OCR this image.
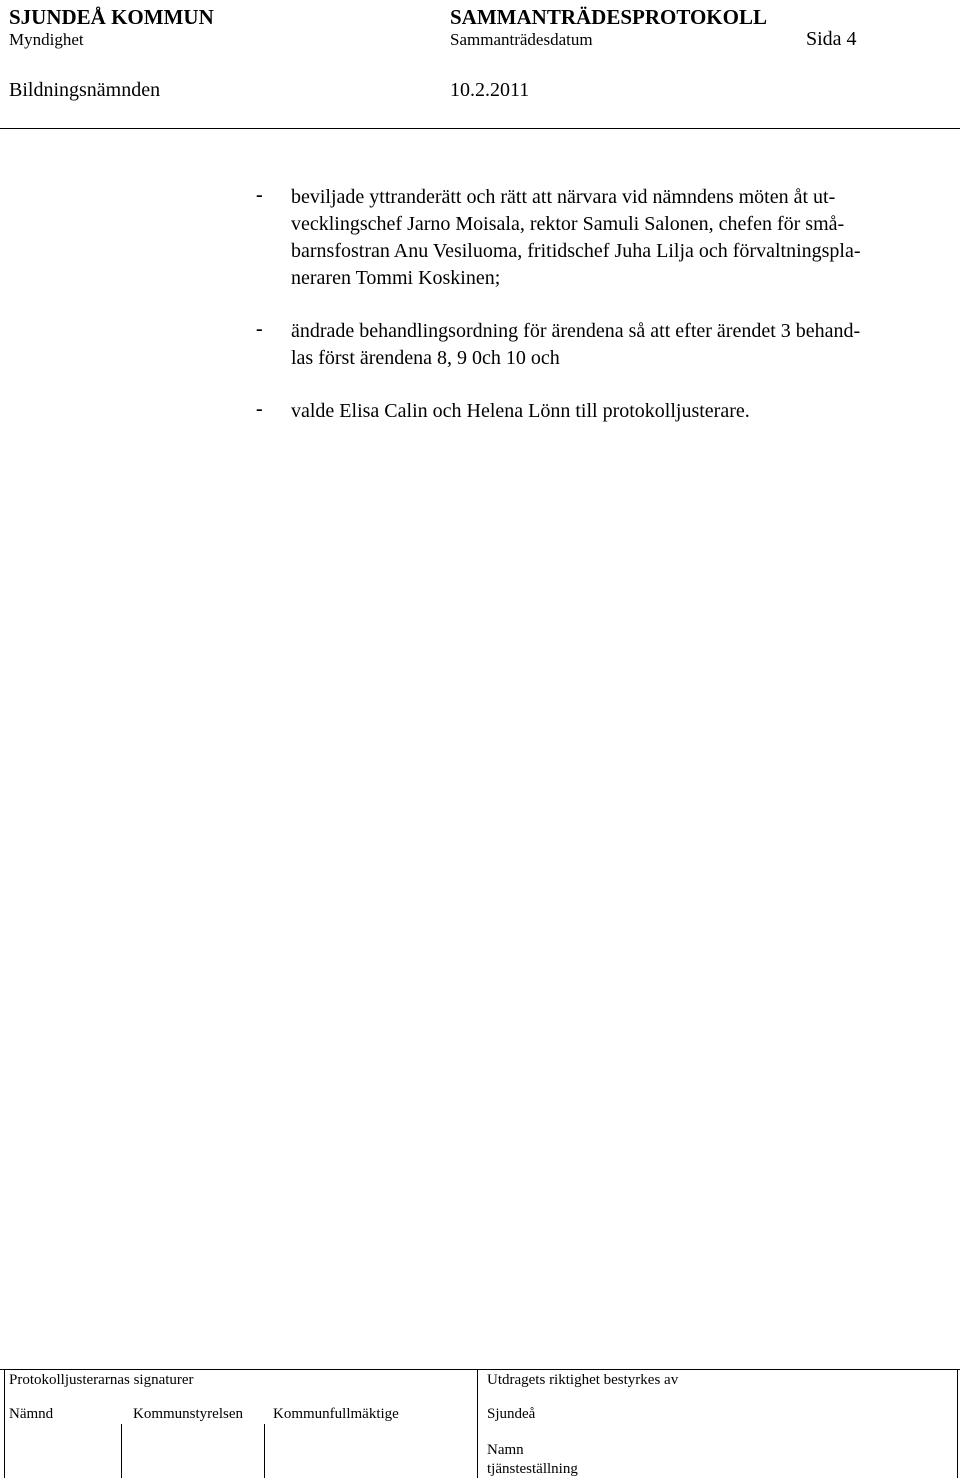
SJUNDEÅ KOMMUN	SAMMANTRÄDESPROTOKOLL
Myndighet	Sammanträdesdatum	Sida 4
Bildningsnämnden	10.2.2011
- beviljade yttranderätt och rätt att närvara vid nämndens möten åt ut-
vecklingschef Jarno Moisala, rektor Samuli Salonen, chefen för små-
barnsfostran Anu Vesiluoma, fritidschef Juha Lilja och förvaltningspla-
neraren Tommi Koskinen;
- ändrade behandlingsordning för ärendena så att efter ärendet 3 behand-
las först ärendena 8, 9 0ch 10 och
- valde Elisa Calin och Helena Lönn till protokolljusterare.
Protokolljusterarnas signaturer	Utdragets riktighet bestyrkes av
Nämnd	Kommunstyrelsen Kommunfullmäktige	Sjundeå
Namn
tjänsteställning
